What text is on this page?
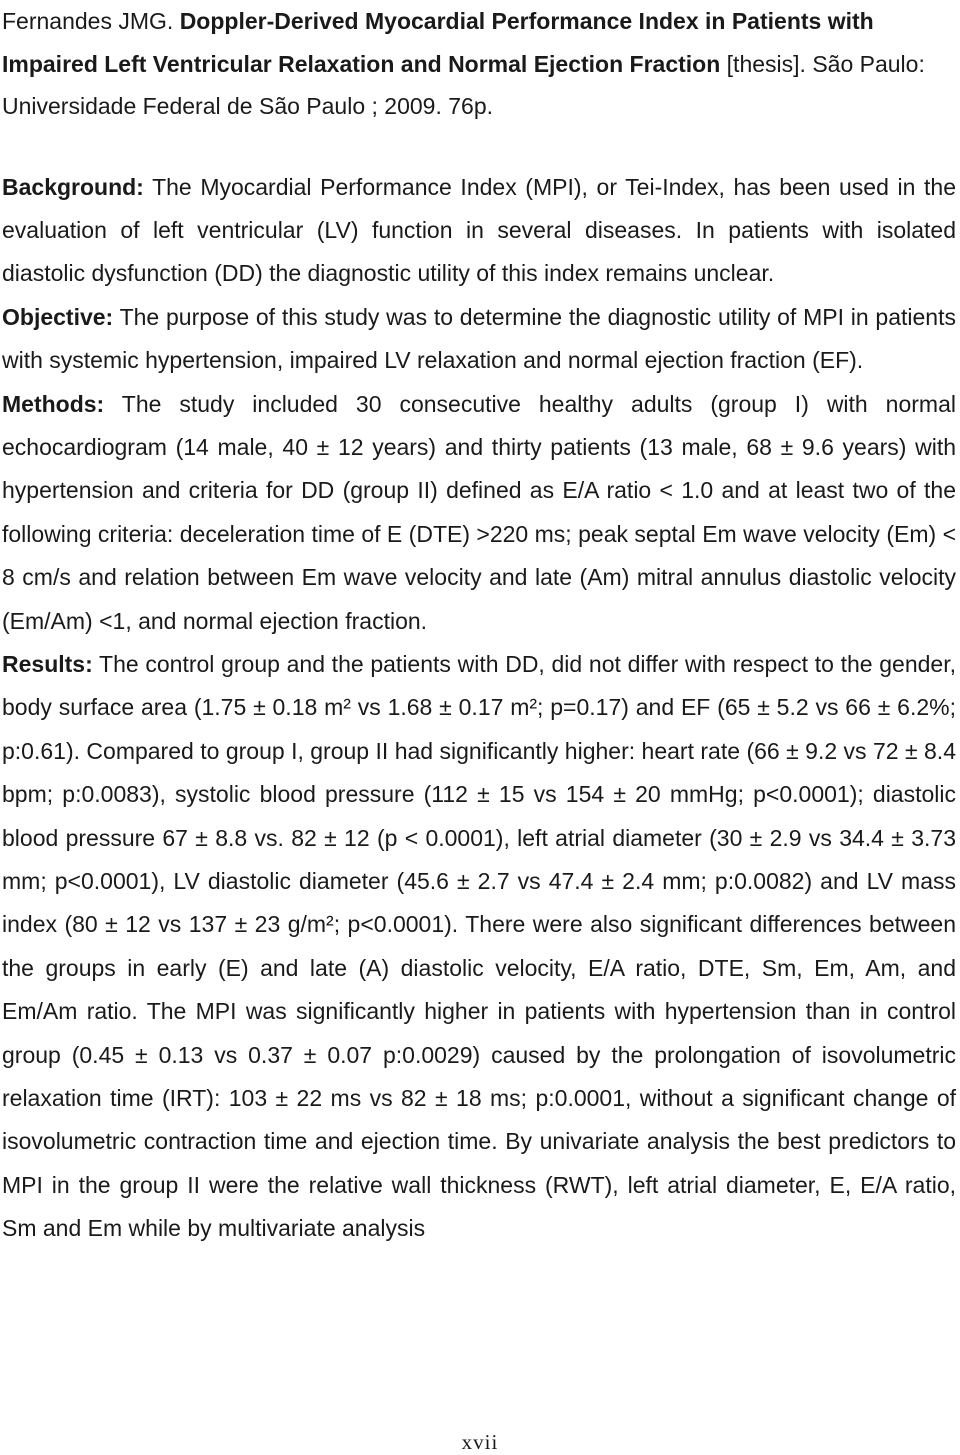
Fernandes JMG. Doppler-Derived Myocardial Performance Index in Patients with Impaired Left Ventricular Relaxation and Normal Ejection Fraction [thesis]. São Paulo: Universidade Federal de São Paulo ; 2009. 76p.

Background: The Myocardial Performance Index (MPI), or Tei-Index, has been used in the evaluation of left ventricular (LV) function in several diseases. In patients with isolated diastolic dysfunction (DD) the diagnostic utility of this index remains unclear.

Objective: The purpose of this study was to determine the diagnostic utility of MPI in patients with systemic hypertension, impaired LV relaxation and normal ejection fraction (EF).

Methods: The study included 30 consecutive healthy adults (group I) with normal echocardiogram (14 male, 40 ± 12 years) and thirty patients (13 male, 68 ± 9.6 years) with hypertension and criteria for DD (group II) defined as E/A ratio < 1.0 and at least two of the following criteria: deceleration time of E (DTE) >220 ms; peak septal Em wave velocity (Em) < 8 cm/s and relation between Em wave velocity and late (Am) mitral annulus diastolic velocity (Em/Am) <1, and normal ejection fraction.

Results: The control group and the patients with DD, did not differ with respect to the gender, body surface area (1.75 ± 0.18 m² vs 1.68 ± 0.17 m²; p=0.17) and EF (65 ± 5.2 vs 66 ± 6.2%; p:0.61). Compared to group I, group II had significantly higher: heart rate (66 ± 9.2 vs 72 ± 8.4 bpm; p:0.0083), systolic blood pressure (112 ± 15 vs 154 ± 20 mmHg; p<0.0001); diastolic blood pressure 67 ± 8.8 vs. 82 ± 12 (p < 0.0001), left atrial diameter (30 ± 2.9 vs 34.4 ± 3.73 mm; p<0.0001), LV diastolic diameter (45.6 ± 2.7 vs 47.4 ± 2.4 mm; p:0.0082) and LV mass index (80 ± 12 vs 137 ± 23 g/m²; p<0.0001). There were also significant differences between the groups in early (E) and late (A) diastolic velocity, E/A ratio, DTE, Sm, Em, Am, and Em/Am ratio. The MPI was significantly higher in patients with hypertension than in control group (0.45 ± 0.13 vs 0.37 ± 0.07 p:0.0029) caused by the prolongation of isovolumetric relaxation time (IRT): 103 ± 22 ms vs 82 ± 18 ms; p:0.0001, without a significant change of isovolumetric contraction time and ejection time. By univariate analysis the best predictors to MPI in the group II were the relative wall thickness (RWT), left atrial diameter, E, E/A ratio, Sm and Em while by multivariate analysis

xvii
